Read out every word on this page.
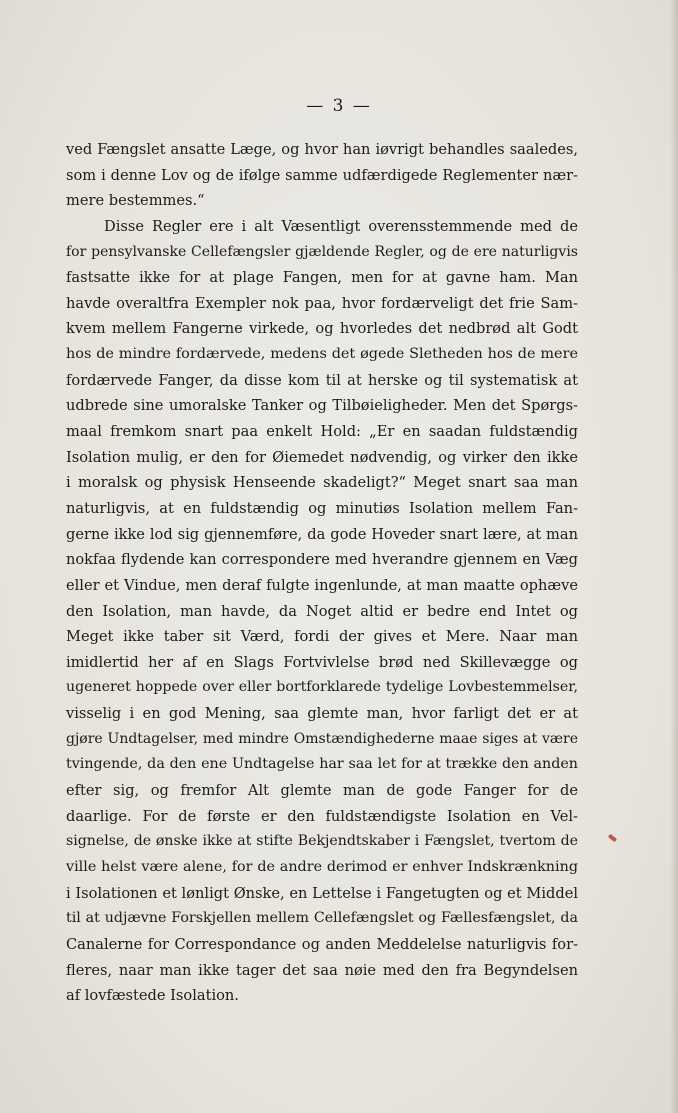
— 3 —
ved Fængslet ansatte Læge, og hvor han iøvrigt behandles saaledes,
som i denne Lov og de ifølge samme udfærdigede Reglementer nær-
mere bestemmes.“
Disse Regler ere i alt Væsentligt overensstemmende med de
for pensylvanske Cellefængsler gjældende Regler, og de ere naturligvis
fastsatte ikke for at plage Fangen, men for at gavne ham. Man
havde overaltfra Exempler nok paa, hvor fordærveligt det frie Sam-
kvem mellem Fangerne virkede, og hvorledes det nedbrød alt Godt
hos de mindre fordærvede, medens det øgede Sletheden hos de mere
fordærvede Fanger, da disse kom til at herske og til systematisk at
udbrede sine umoralske Tanker og Tilbøieligheder. Men det Spørgs-
maal fremkom snart paa enkelt Hold: „Er en saadan fuldstændig
Isolation mulig, er den for Øiemedet nødvendig, og virker den ikke
i moralsk og physisk Henseende skadeligt?“ Meget snart saa man
naturligvis, at en fuldstændig og minutiøs Isolation mellem Fan-
gerne ikke lod sig gjennemføre, da gode Hoveder snart lære, at man
nokfaa flydende kan correspondere med hverandre gjennem en Væg
eller et Vindue, men deraf fulgte ingenlunde, at man maatte ophæve
den Isolation, man havde, da Noget altid er bedre end Intet og
Meget ikke taber sit Værd, fordi der gives et Mere. Naar man
imidlertid her af en Slags Fortvivlelse brød ned Skillevægge og
ugeneret hoppede over eller bortforklarede tydelige Lovbestemmelser,
visselig i en god Mening, saa glemte man, hvor farligt det er at
gjøre Undtagelser, med mindre Omstændighederne maae siges at være
tvingende, da den ene Undtagelse har saa let for at trække den anden
efter sig, og fremfor Alt glemte man de gode Fanger for de
daarlige. For de første er den fuldstændigste Isolation en Vel-
signelse, de ønske ikke at stifte Bekjendtskaber i Fængslet, tvertom de
ville helst være alene, for de andre derimod er enhver Indskrænkning
i Isolationen et lønligt Ønske, en Lettelse i Fangetugten og et Middel
til at udjævne Forskjellen mellem Cellefængslet og Fællesfængslet, da
Canalerne for Correspondance og anden Meddelelse naturligvis for-
fleres, naar man ikke tager det saa nøie med den fra Begyndelsen
af lovfæstede Isolation.
